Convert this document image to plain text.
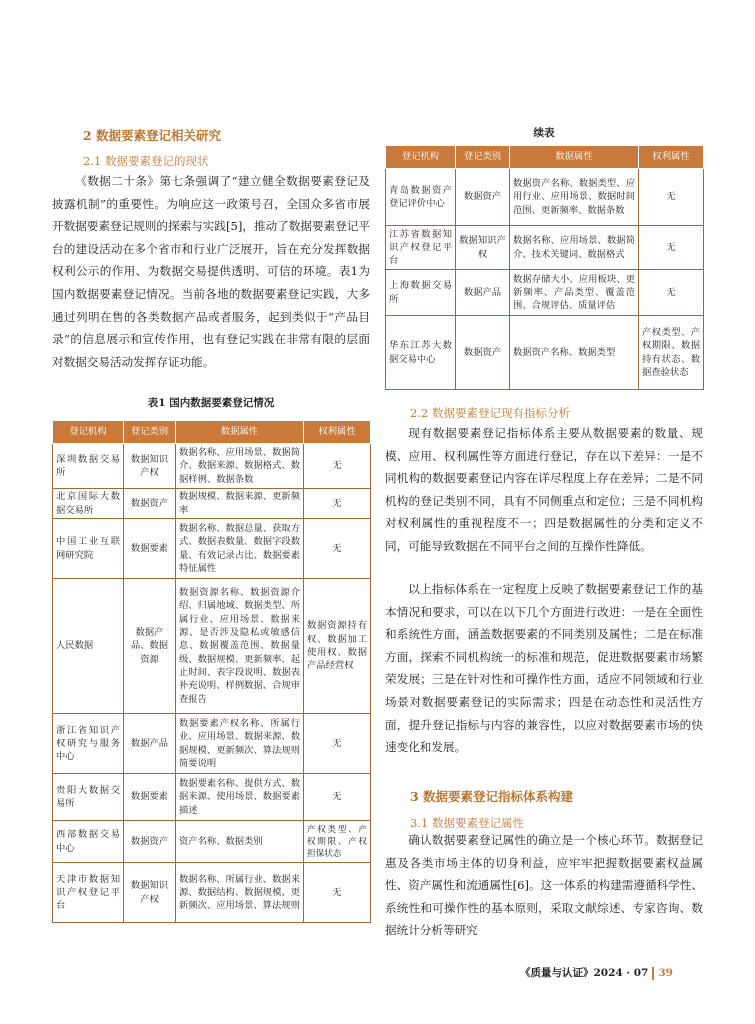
2 数据要素登记相关研究
2.1 数据要素登记的现状

《数据二十条》第七条强调了“建立健全数据要素登记及披露机制”的重要性。为响应这一政策号召，全国众多省市展开数据要素登记规则的探索与实践[5]，推动了数据要素登记平台的建设活动在多个省市和行业广泛展开，旨在充分发挥数据权利公示的作用、为数据交易提供透明、可信的环境。表1为国内数据要素登记情况。当前各地的数据要素登记实践，大多通过列明在售的各类数据产品或者服务，起到类似于“产品目录”的信息展示和宣传作用，也有登记实践在非常有限的层面对数据交易活动发挥存证功能。

表1 国内数据要素登记情况
登记机构	登记类别	数据属性	权利属性
深圳数据交易所	数据知识产权	数据名称、应用场景、数据简介、数据来源、数据格式、数据样例、数据条数	无
北京国际大数据交易所	数据资产	数据规模、数据来源、更新频率	无
中国工业互联网研究院	数据要素	数据名称、数据总量、获取方式、数据表数量、数据字段数量、有效记录占比、数据要素特征属性	无
人民数据	数据产品、数据资源	数据资源名称、数据资源介绍、归属地域、数据类型、所属行业、应用场景、数据来源、是否涉及隐私或敏感信息、数据覆盖范围、数据量级、数据规模、更新频率、起止时间、表字段说明、数据表补充说明、样例数据、合规审查报告	数据资源持有权、数据加工使用权、数据产品经营权
浙江省知识产权研究与服务中心	数据产品	数据要素产权名称、所属行业、应用场景、数据来源、数据规模、更新频次、算法规则简要说明	无
贵阳大数据交易所	数据要素	数据要素名称、提供方式、数据来源、使用场景、数据要素描述	无
西部数据交易中心	数据资产	资产名称、数据类别	产权类型、产权期限、产权担保状态
天津市数据知识产权登记平台	数据知识产权	数据名称、所属行业、数据来源、数据结构、数据规模、更新频次、应用场景、算法规则	无
续表
登记机构	登记类别	数据属性	权利属性
青岛数据资产登记评价中心	数据资产	数据资产名称、数据类型、应用行业、应用场景、数据时间范围、更新频率、数据条数	无
江苏省数据知识产权登记平台	数据知识产权	数据名称、应用场景、数据简介、技术关键词、数据格式	无
上海数据交易所	数据产品	数据存储大小、应用板块、更新频率、产品类型、覆盖范围、合规评估、质量评估	无
华东江苏大数据交易中心	数据资产	数据资产名称、数据类型	产权类型、产权期限、数据持有状态、数据查验状态
2.2 数据要素登记现有指标分析

现有数据要素登记指标体系主要从数据要素的数量、规模、应用、权利属性等方面进行登记，存在以下差异：一是不同机构的数据要素登记内容在详尽程度上存在差异；二是不同机构的登记类别不同，具有不同侧重点和定位；三是不同机构对权利属性的重视程度不一；四是数据属性的分类和定义不同，可能导致数据在不同平台之间的互操作性降低。

以上指标体系在一定程度上反映了数据要素登记工作的基本情况和要求，可以在以下几个方面进行改进：一是在全面性和系统性方面，涵盖数据要素的不同类別及属性；二是在标准方面，探索不同机构统一的标准和规范，促进数据要素市场繁荣发展；三是在针对性和可操作性方面，适应不同领域和行业场景对数据要素登记的实际需求；四是在动态性和灵活性方面，提升登记指标与内容的兼容性，以应对数据要素市场的快速变化和发展。

3 数据要素登记指标体系构建
3.1 数据要素登记属性

确认数据要素登记属性的确立是一个核心环节。数据登记惠及各类市场主体的切身利益，应牢牢把握数据要素权益属性、资产属性和流通属性[6]。这一体系的构建需遵循科学性、系统性和可操作性的基本原则，采取文献综述、专家咨询、数据统计分析等研究

《质量与认证》2024 · 07 39
